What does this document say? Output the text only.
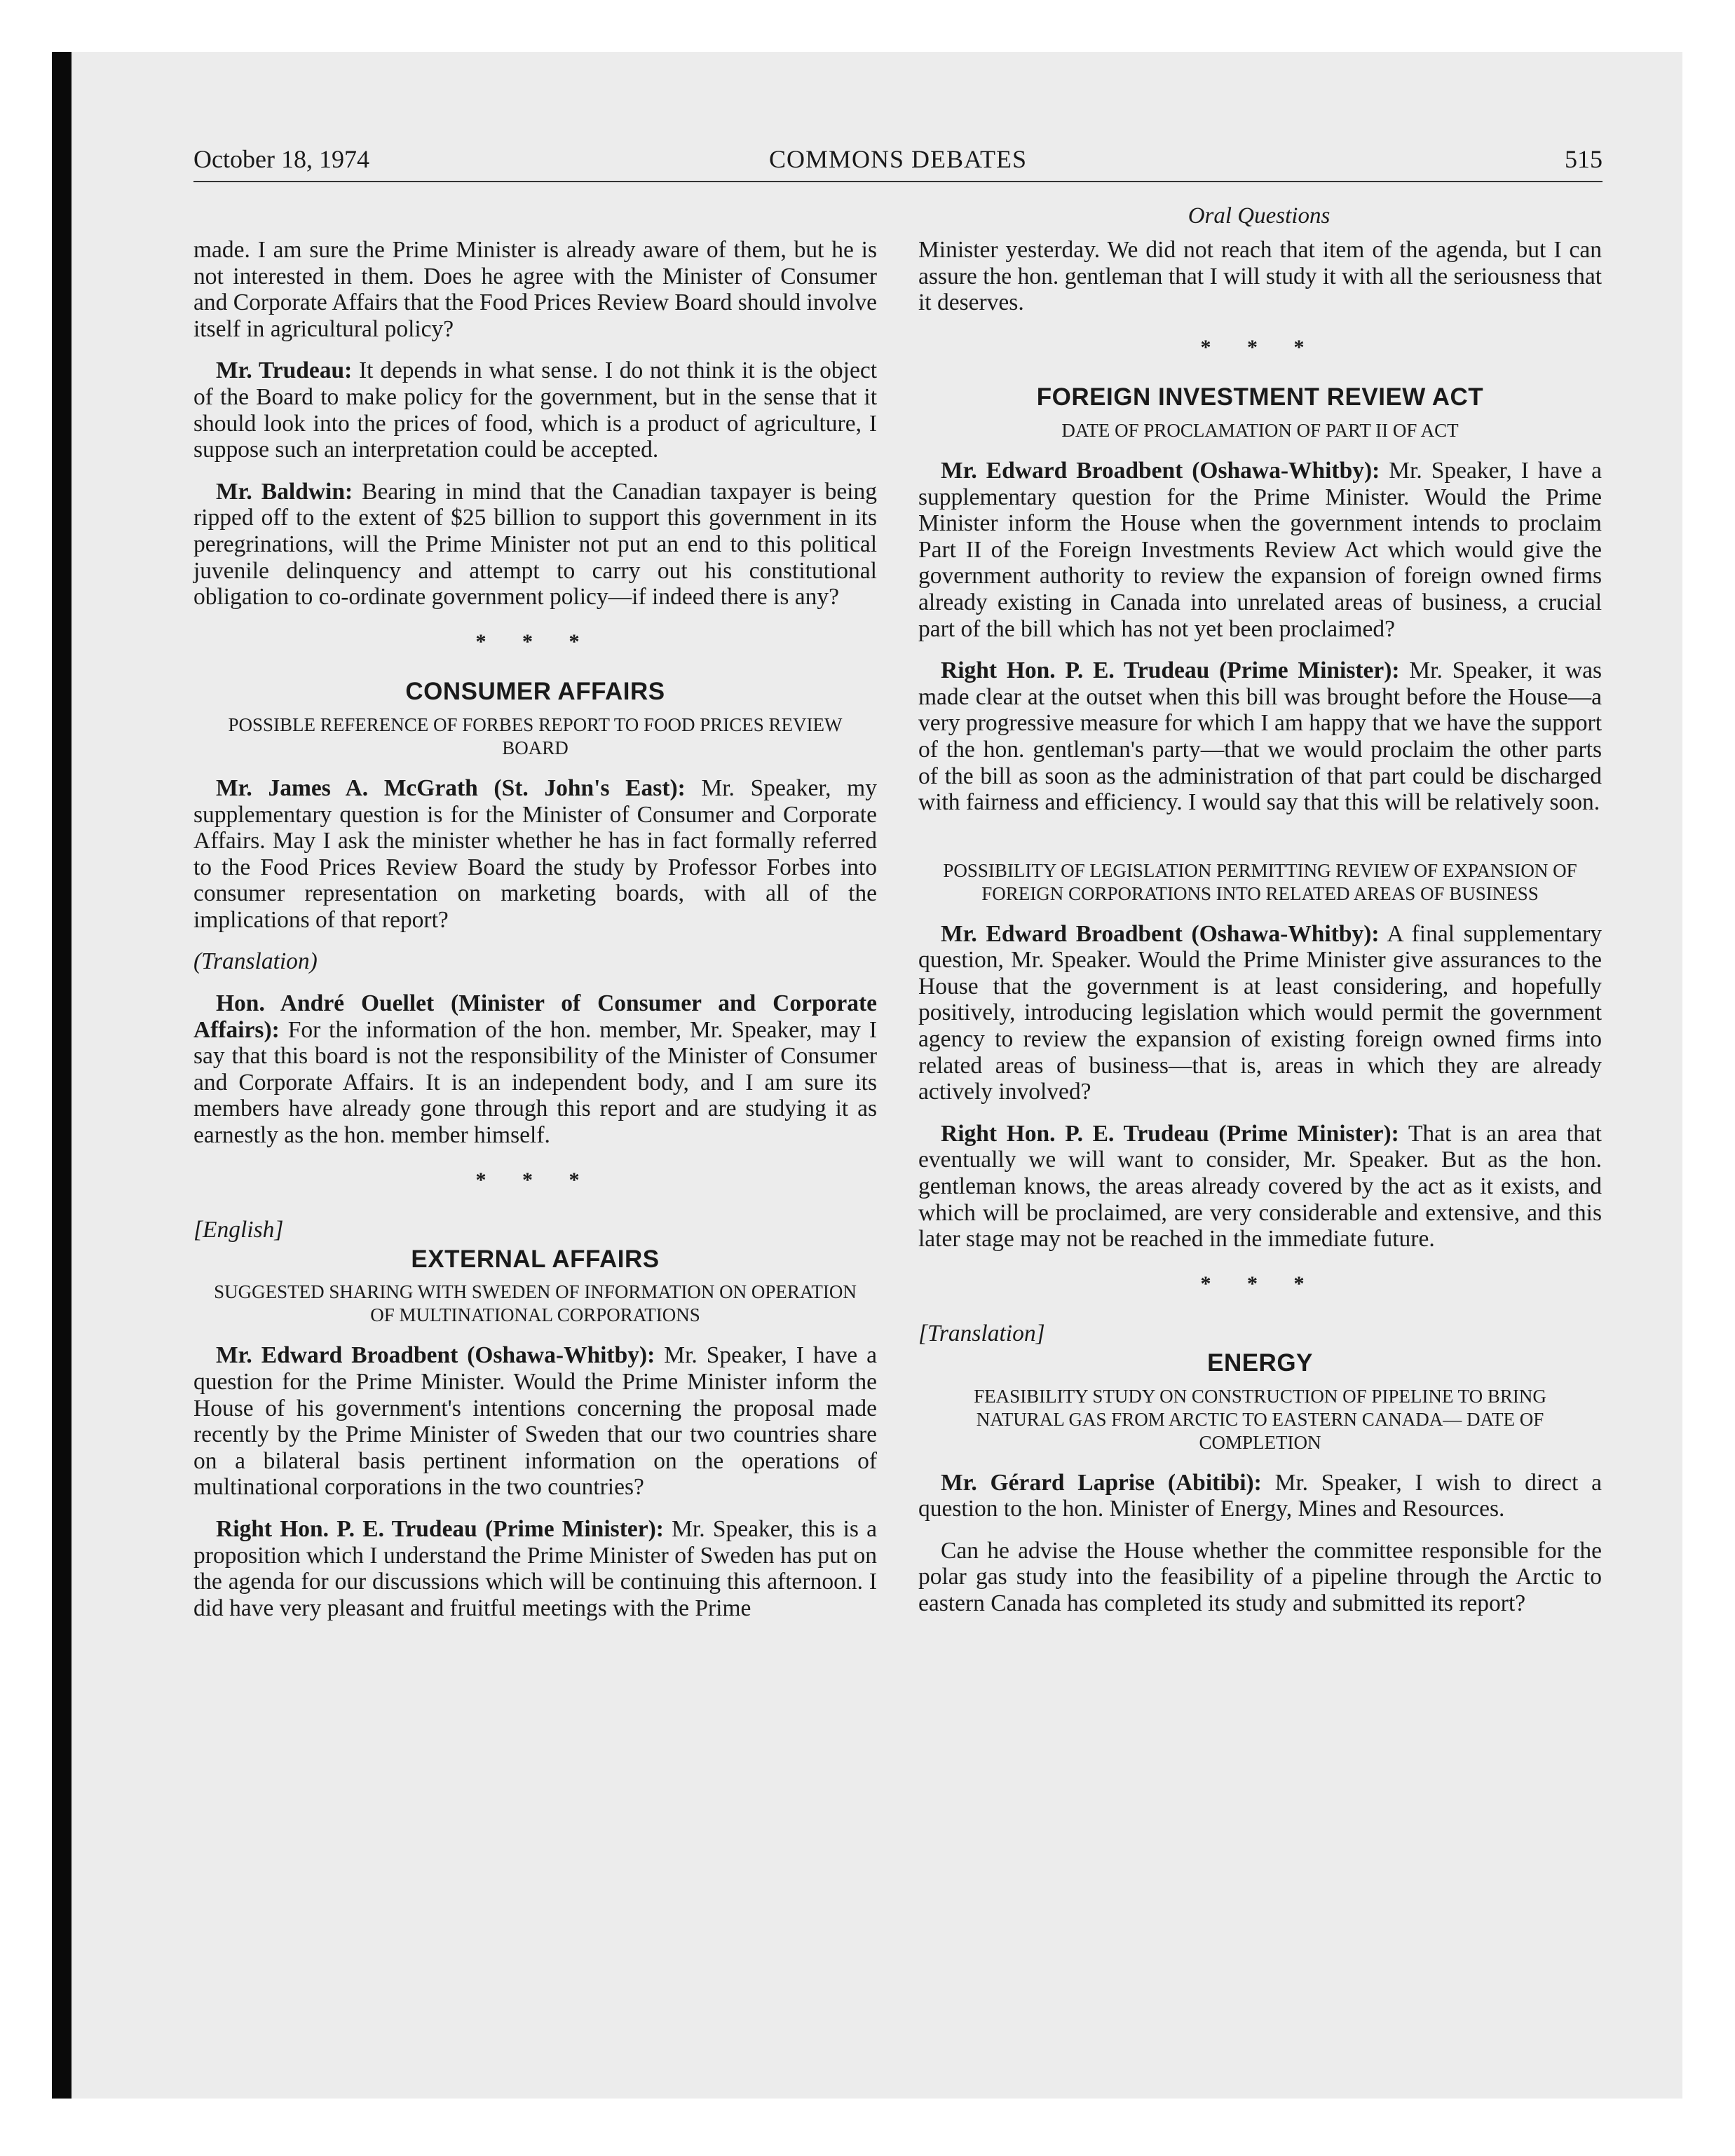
COMMONS DEBATES
October 18, 1974	515
Oral Questions

made. I am sure the Prime Minister is already aware of them, but he is not interested in them. Does he agree with the Minister of Consumer and Corporate Affairs that the Food Prices Review Board should involve itself in agricultural policy?

Mr. Trudeau: It depends in what sense. I do not think it is the object of the Board to make policy for the government, but in the sense that it should look into the prices of food, which is a product of agriculture, I suppose such an interpretation could be accepted.

Mr. Baldwin: Bearing in mind that the Canadian taxpayer is being ripped off to the extent of $25 billion to support this government in its peregrinations, will the Prime Minister not put an end to this political juvenile delinquency and attempt to carry out his constitutional obligation to co-ordinate government policy—if indeed there is any?

* * *
CONSUMER AFFAIRS
POSSIBLE REFERENCE OF FORBES REPORT TO FOOD PRICES REVIEW BOARD

Mr. James A. McGrath (St. John's East): Mr. Speaker, my supplementary question is for the Minister of Consumer and Corporate Affairs. May I ask the minister whether he has in fact formally referred to the Food Prices Review Board the study by Professor Forbes into consumer representation on marketing boards, with all of the implications of that report?

(Translation)

Hon. André Ouellet (Minister of Consumer and Corporate Affairs): For the information of the hon. member, Mr. Speaker, may I say that this board is not the responsibility of the Minister of Consumer and Corporate Affairs. It is an independent body, and I am sure its members have already gone through this report and are studying it as earnestly as the hon. member himself.

* * *

[English]

EXTERNAL AFFAIRS
SUGGESTED SHARING WITH SWEDEN OF INFORMATION ON OPERATION OF MULTINATIONAL CORPORATIONS

Mr. Edward Broadbent (Oshawa-Whitby): Mr. Speaker, I have a question for the Prime Minister. Would the Prime Minister inform the House of his government's intentions concerning the proposal made recently by the Prime Minister of Sweden that our two countries share on a bilateral basis pertinent information on the operations of multinational corporations in the two countries?

Right Hon. P. E. Trudeau (Prime Minister): Mr. Speaker, this is a proposition which I understand the Prime Minister of Sweden has put on the agenda for our discussions which will be continuing this afternoon. I did have very pleasant and fruitful meetings with the Prime

Minister yesterday. We did not reach that item of the agenda, but I can assure the hon. gentleman that I will study it with all the seriousness that it deserves.

* * *
FOREIGN INVESTMENT REVIEW ACT
DATE OF PROCLAMATION OF PART II OF ACT

Mr. Edward Broadbent (Oshawa-Whitby): Mr. Speaker, I have a supplementary question for the Prime Minister. Would the Prime Minister inform the House when the government intends to proclaim Part II of the Foreign Investments Review Act which would give the government authority to review the expansion of foreign owned firms already existing in Canada into unrelated areas of business, a crucial part of the bill which has not yet been proclaimed?

Right Hon. P. E. Trudeau (Prime Minister): Mr. Speaker, it was made clear at the outset when this bill was brought before the House—a very progressive measure for which I am happy that we have the support of the hon. gentleman's party—that we would proclaim the other parts of the bill as soon as the administration of that part could be discharged with fairness and efficiency. I would say that this will be relatively soon.

POSSIBILITY OF LEGISLATION PERMITTING REVIEW OF EXPANSION OF FOREIGN CORPORATIONS INTO RELATED AREAS OF BUSINESS

Mr. Edward Broadbent (Oshawa-Whitby): A final supplementary question, Mr. Speaker. Would the Prime Minister give assurances to the House that the government is at least considering, and hopefully positively, introducing legislation which would permit the government agency to review the expansion of existing foreign owned firms into related areas of business—that is, areas in which they are already actively involved?

Right Hon. P. E. Trudeau (Prime Minister): That is an area that eventually we will want to consider, Mr. Speaker. But as the hon. gentleman knows, the areas already covered by the act as it exists, and which will be proclaimed, are very considerable and extensive, and this later stage may not be reached in the immediate future.

* * *

[Translation]

ENERGY
FEASIBILITY STUDY ON CONSTRUCTION OF PIPELINE TO BRING NATURAL GAS FROM ARCTIC TO EASTERN CANADA— DATE OF COMPLETION

Mr. Gérard Laprise (Abitibi): Mr. Speaker, I wish to direct a question to the hon. Minister of Energy, Mines and Resources.

Can he advise the House whether the committee responsible for the polar gas study into the feasibility of a pipeline through the Arctic to eastern Canada has completed its study and submitted its report?
